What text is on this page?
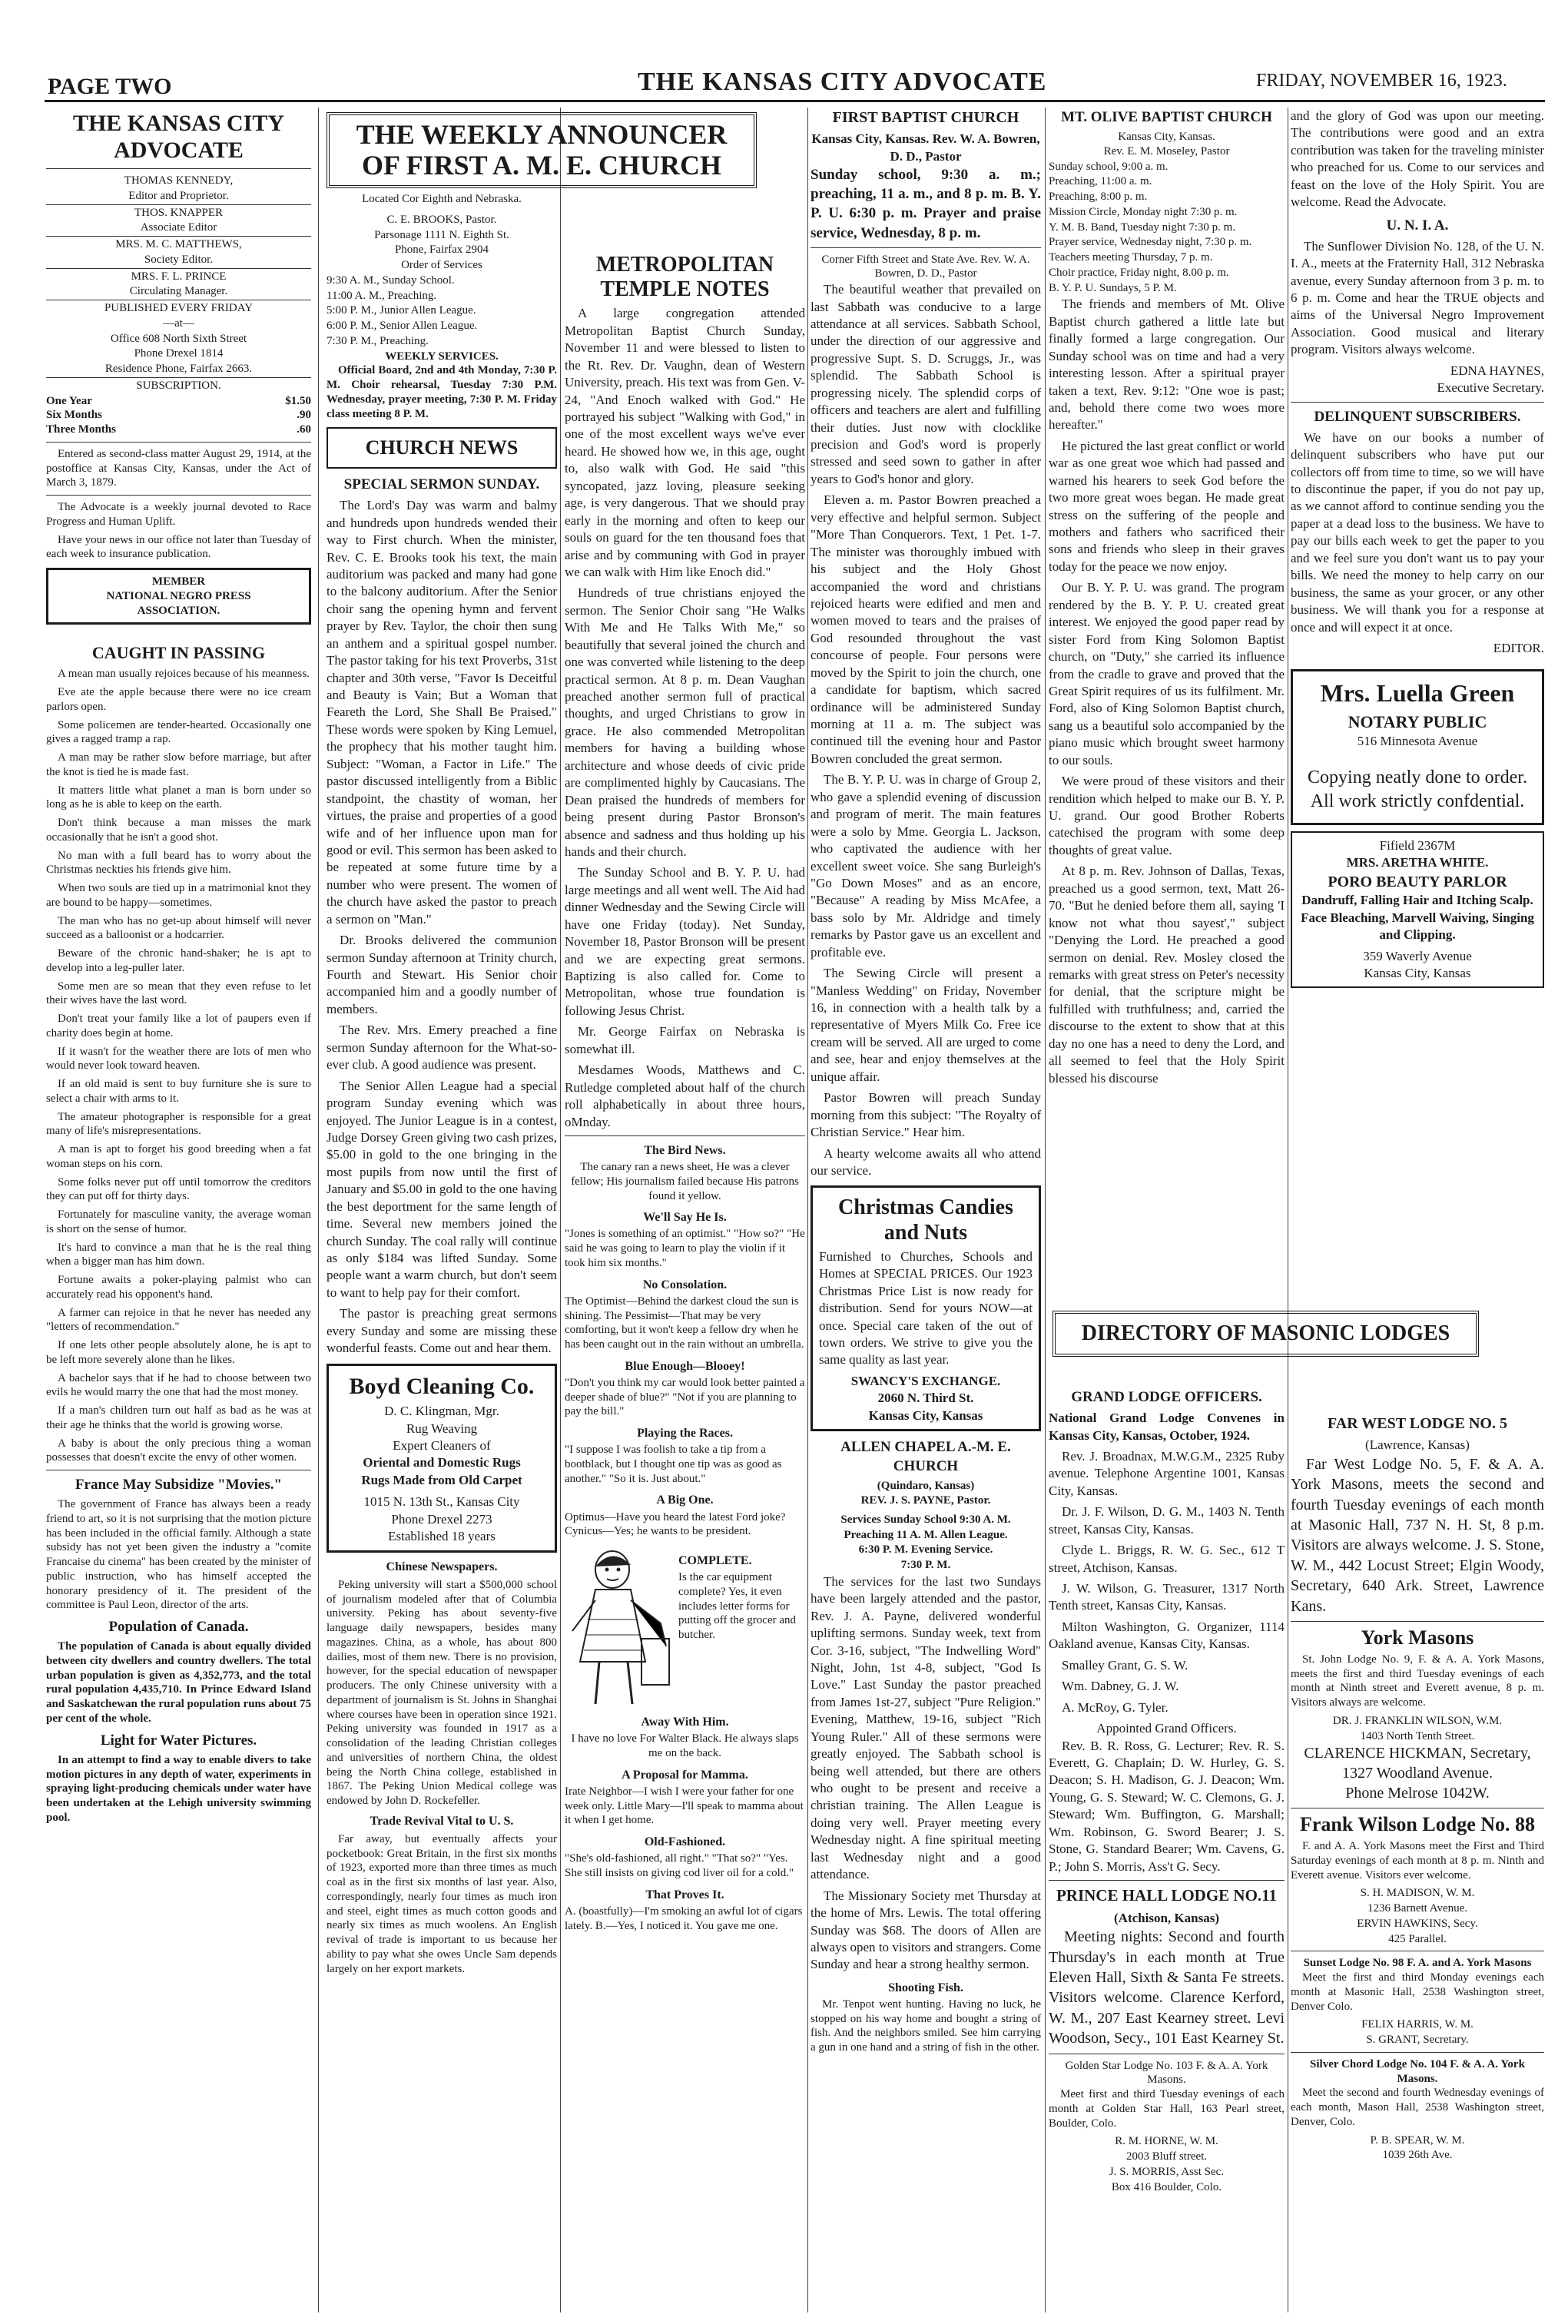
PAGE TWO	THE KANSAS CITY ADVOCATE	FRIDAY, NOVEMBER 16, 1923.
THE KANSAS CITY ADVOCATE
THOMAS KENNEDY,
Editor and Proprietor.
THOS. KNAPPER
Associate Editor
MRS. M. C. MATTHEWS,
Society Editor.
MRS. F. L. PRINCE
Circulating Manager.
PUBLISHED EVERY FRIDAY
—at—
Office 608 North Sixth Street
Phone Drexel 1814
Residence Phone, Fairfax 2663.
SUBSCRIPTION.
One Year	$1.50
Six Months	.90
Three Months	.60

Entered as second-class matter August 29, 1914, at the postoffice at Kansas City, Kansas, under the Act of March 3, 1879.

The Advocate is a weekly journal devoted to Race Progress and Human Uplift.

Have your news in our office not later than Tuesday of each week to insurance publication.

MEMBER
NATIONAL NEGRO PRESS
ASSOCIATION.
CAUGHT IN PASSING

A mean man usually rejoices because of his meanness.

Eve ate the apple because there were no ice cream parlors open.

Some policemen are tender-hearted. Occasionally one gives a ragged tramp a rap.

A man may be rather slow before marriage, but after the knot is tied he is made fast.

It matters little what planet a man is born under so long as he is able to keep on the earth.

Don't think because a man misses the mark occasionally that he isn't a good shot.

No man with a full beard has to worry about the Christmas neckties his friends give him.

When two souls are tied up in a matrimonial knot they are bound to be happy—sometimes.

The man who has no get-up about himself will never succeed as a balloonist or a hodcarrier.

Beware of the chronic hand-shaker; he is apt to develop into a leg-puller later.

Some men are so mean that they even refuse to let their wives have the last word.

Don't treat your family like a lot of paupers even if charity does begin at home.

If it wasn't for the weather there are lots of men who would never look toward heaven.

If an old maid is sent to buy furniture she is sure to select a chair with arms to it.

The amateur photographer is responsible for a great many of life's misrepresentations.

A man is apt to forget his good breeding when a fat woman steps on his corn.

Some folks never put off until tomorrow the creditors they can put off for thirty days.

Fortunately for masculine vanity, the average woman is short on the sense of humor.

It's hard to convince a man that he is the real thing when a bigger man has him down.

Fortune awaits a poker-playing palmist who can accurately read his opponent's hand.

A farmer can rejoice in that he never has needed any "letters of recommendation."

If one lets other people absolutely alone, he is apt to be left more severely alone than he likes.

A bachelor says that if he had to choose between two evils he would marry the one that had the most money.

If a man's children turn out half as bad as he was at their age he thinks that the world is growing worse.

A baby is about the only precious thing a woman possesses that doesn't excite the envy of other women.

France May Subsidize "Movies."

The government of France has always been a ready friend to art, so it is not surprising that the motion picture has been included in the official family. Although a state subsidy has not yet been given the industry a "comite Francaise du cinema" has been created by the minister of public instruction, who has himself accepted the honorary presidency of it. The president of the committee is Paul Leon, director of the arts.

Population of Canada.

The population of Canada is about equally divided between city dwellers and country dwellers. The total urban population is given as 4,352,773, and the total rural population 4,435,710. In Prince Edward Island and Saskatchewan the rural population runs about 75 per cent of the whole.

Light for Water Pictures.

In an attempt to find a way to enable divers to take motion pictures in any depth of water, experiments in spraying light-producing chemicals under water have been undertaken at the Lehigh university swimming pool.

THE WEEKLY ANNOUNCER OF FIRST A. M. E. CHURCH
Located Cor Eighth and Nebraska.
C. E. BROOKS, Pastor.
Parsonage 1111 N. Eighth St.
Phone, Fairfax 2904
Order of Services
9:30 A. M., Sunday School.
11:00 A. M., Preaching.
5:00 P. M., Junior Allen League.
6:00 P. M., Senior Allen League.
7:30 P. M., Preaching.
WEEKLY SERVICES.

Official Board, 2nd and 4th Monday, 7:30 P. M. Choir rehearsal, Tuesday 7:30 P.M. Wednesday, prayer meeting, 7:30 P. M. Friday class meeting 8 P. M.

CHURCH NEWS
SPECIAL SERMON SUNDAY.

The Lord's Day was warm and balmy and hundreds upon hundreds wended their way to First church. When the minister, Rev. C. E. Brooks took his text, the main auditorium was packed and many had gone to the balcony auditorium. After the Senior choir sang the opening hymn and fervent prayer by Rev. Taylor, the choir then sung an anthem and a spiritual gospel number. The pastor taking for his text Proverbs, 31st chapter and 30th verse, "Favor Is Deceitful and Beauty is Vain; But a Woman that Feareth the Lord, She Shall Be Praised." These words were spoken by King Lemuel, the prophecy that his mother taught him. Subject: "Woman, a Factor in Life." The pastor discussed intelligently from a Biblic standpoint, the chastity of woman, her virtues, the praise and properties of a good wife and of her influence upon man for good or evil. This sermon has been asked to be repeated at some future time by a number who were present. The women of the church have asked the pastor to preach a sermon on "Man."

Dr. Brooks delivered the communion sermon Sunday afternoon at Trinity church, Fourth and Stewart. His Senior choir accompanied him and a goodly number of members.

The Rev. Mrs. Emery preached a fine sermon Sunday afternoon for the What-so-ever club. A good audience was present.

The Senior Allen League had a special program Sunday evening which was enjoyed. The Junior League is in a contest, Judge Dorsey Green giving two cash prizes, $5.00 in gold to the one bringing in the most pupils from now until the first of January and $5.00 in gold to the one having the best deportment for the same length of time. Several new members joined the church Sunday. The coal rally will continue as only $184 was lifted Sunday. Some people want a warm church, but don't seem to want to help pay for their comfort.

The pastor is preaching great sermons every Sunday and some are missing these wonderful feasts. Come out and hear them.

Boyd Cleaning Co.
D. C. Klingman, Mgr.
Rug Weaving
Expert Cleaners of
Oriental and Domestic Rugs
Rugs Made from Old Carpet
1015 N. 13th St., Kansas City
Phone Drexel 2273
Established 18 years
Chinese Newspapers.

Peking university will start a $500,000 school of journalism modeled after that of Columbia university. Peking has about seventy-five language daily newspapers, besides many magazines. China, as a whole, has about 800 dailies, most of them new. There is no provision, however, for the special education of newspaper producers. The only Chinese university with a department of journalism is St. Johns in Shanghai where courses have been in operation since 1921. Peking university was founded in 1917 as a consolidation of the leading Christian colleges and universities of northern China, the oldest being the North China college, established in 1867. The Peking Union Medical college was endowed by John D. Rockefeller.

Trade Revival Vital to U. S.

Far away, but eventually affects your pocketbook: Great Britain, in the first six months of 1923, exported more than three times as much coal as in the first six months of last year. Also, correspondingly, nearly four times as much iron and steel, eight times as much cotton goods and nearly six times as much woolens. An English revival of trade is important to us because her ability to pay what she owes Uncle Sam depends largely on her export markets.

METROPOLITAN TEMPLE NOTES

A large congregation attended Metropolitan Baptist Church Sunday, November 11 and were blessed to listen to the Rt. Rev. Dr. Vaughn, dean of Western University, preach. His text was from Gen. V-24, "And Enoch walked with God." He portrayed his subject "Walking with God," in one of the most excellent ways we've ever heard. He showed how we, in this age, ought to, also walk with God. He said "this syncopated, jazz loving, pleasure seeking age, is very dangerous. That we should pray early in the morning and often to keep our souls on guard for the ten thousand foes that arise and by communing with God in prayer we can walk with Him like Enoch did."

Hundreds of true christians enjoyed the sermon. The Senior Choir sang "He Walks With Me and He Talks With Me," so beautifully that several joined the church and one was converted while listening to the deep practical sermon. At 8 p. m. Dean Vaughan preached another sermon full of practical thoughts, and urged Christians to grow in grace. He also commended Metropolitan members for having a building whose architecture and whose deeds of civic pride are complimented highly by Caucasians. The Dean praised the hundreds of members for being present during Pastor Bronson's absence and sadness and thus holding up his hands and their church.

The Sunday School and B. Y. P. U. had large meetings and all went well. The Aid had dinner Wednesday and the Sewing Circle will have one Friday (today). Net Sunday, November 18, Pastor Bronson will be present and we are expecting great sermons. Baptizing is also called for. Come to Metropolitan, whose true foundation is following Jesus Christ.

Mr. George Fairfax on Nebraska is somewhat ill.

Mesdames Woods, Matthews and C. Rutledge completed about half of the church roll alphabetically in about three hours, oMnday.

The Bird News.
The canary ran a news sheet, He was a clever fellow; His journalism failed because His patrons found it yellow.
We'll Say He Is.
"Jones is something of an optimist." "How so?" "He said he was going to learn to play the violin if it took him six months."
No Consolation.
The Optimist—Behind the darkest cloud the sun is shining. The Pessimist—That may be very comforting, but it won't keep a fellow dry when he has been caught out in the rain without an umbrella.
Blue Enough—Blooey!
"Don't you think my car would look better painted a deeper shade of blue?" "Not if you are planning to pay the bill."
Playing the Races.
"I suppose I was foolish to take a tip from a bootblack, but I thought one tip was as good as another." "So it is. Just about."
A Big One.
Optimus—Have you heard the latest Ford joke? Cynicus—Yes; he wants to be president.
COMPLETE.
Is the car equipment complete? Yes, it even includes letter forms for putting off the grocer and butcher.
Away With Him.
I have no love For Walter Black. He always slaps me on the back.
A Proposal for Mamma.
Irate Neighbor—I wish I were your father for one week only. Little Mary—I'll speak to mamma about it when I get home.
Old-Fashioned.
"She's old-fashioned, all right." "That so?" "Yes. She still insists on giving cod liver oil for a cold."
That Proves It.
A. (boastfully)—I'm smoking an awful lot of cigars lately. B.—Yes, I noticed it. You gave me one.
FIRST BAPTIST CHURCH
Kansas City, Kansas. Rev. W. A. Bowren, D. D., Pastor

Sunday school, 9:30 a. m.; preaching, 11 a. m., and 8 p. m. B. Y. P. U. 6:30 p. m. Prayer and praise service, Wednesday, 8 p. m.

Corner Fifth Street and State Ave. Rev. W. A. Bowren, D. D., Pastor

The beautiful weather that prevailed on last Sabbath was conducive to a large attendance at all services. Sabbath School, under the direction of our aggressive and progressive Supt. S. D. Scruggs, Jr., was splendid. The Sabbath School is progressing nicely. The splendid corps of officers and teachers are alert and fulfilling their duties. Just now with clocklike precision and God's word is properly stressed and seed sown to gather in after years to God's honor and glory.

Eleven a. m. Pastor Bowren preached a very effective and helpful sermon. Subject "More Than Conquerors. Text, 1 Pet. 1-7. The minister was thoroughly imbued with his subject and the Holy Ghost accompanied the word and christians rejoiced hearts were edified and men and women moved to tears and the praises of God resounded throughout the vast concourse of people. Four persons were moved by the Spirit to join the church, one a candidate for baptism, which sacred ordinance will be administered Sunday morning at 11 a. m. The subject was continued till the evening hour and Pastor Bowren concluded the great sermon.

The B. Y. P. U. was in charge of Group 2, who gave a splendid evening of discussion and program of merit. The main features were a solo by Mme. Georgia L. Jackson, who captivated the audience with her excellent sweet voice. She sang Burleigh's "Go Down Moses" and as an encore, "Because" A reading by Miss McAfee, a bass solo by Mr. Aldridge and timely remarks by Pastor gave us an excellent and profitable eve.

The Sewing Circle will present a "Manless Wedding" on Friday, November 16, in connection with a health talk by a representative of Myers Milk Co. Free ice cream will be served. All are urged to come and see, hear and enjoy themselves at the unique affair.

Pastor Bowren will preach Sunday morning from this subject: "The Royalty of Christian Service." Hear him.

A hearty welcome awaits all who attend our service.

Christmas Candies and Nuts

Furnished to Churches, Schools and Homes at SPECIAL PRICES. Our 1923 Christmas Price List is now ready for distribution. Send for yours NOW—at once. Special care taken of the out of town orders. We strive to give you the same quality as last year.

SWANCY'S EXCHANGE.
2060 N. Third St.
Kansas City, Kansas
ALLEN CHAPEL A.-M. E. CHURCH
(Quindaro, Kansas)
REV. J. S. PAYNE, Pastor.
Services Sunday School 9:30 A. M.
Preaching 11 A. M. Allen League.
6:30 P. M. Evening Service.
7:30 P. M.

The services for the last two Sundays have been largely attended and the pastor, Rev. J. A. Payne, delivered wonderful uplifting sermons. Sunday week, text from Cor. 3-16, subject, "The Indwelling Word" Night, John, 1st 4-8, subject, "God Is Love." Last Sunday the pastor preached from James 1st-27, subject "Pure Religion." Evening, Matthew, 19-16, subject "Rich Young Ruler." All of these sermons were greatly enjoyed. The Sabbath school is being well attended, but there are others who ought to be present and receive a christian training. The Allen League is doing very well. Prayer meeting every Wednesday night. A fine spiritual meeting last Wednesday night and a good attendance.

The Missionary Society met Thursday at the home of Mrs. Lewis. The total offering Sunday was $68. The doors of Allen are always open to visitors and strangers. Come Sunday and hear a strong healthy sermon.

Shooting Fish.

Mr. Tenpot went hunting. Having no luck, he stopped on his way home and bought a string of fish. And the neighbors smiled. See him carrying a gun in one hand and a string of fish in the other.

MT. OLIVE BAPTIST CHURCH
Kansas City, Kansas.
Rev. E. M. Moseley, Pastor
Sunday school, 9:00 a. m.
Preaching, 11:00 a. m.
Preaching, 8:00 p. m.
Mission Circle, Monday night 7:30 p. m.
Y. M. B. Band, Tuesday night 7:30 p. m.
Prayer service, Wednesday night, 7:30 p. m.
Teachers meeting Thursday, 7 p. m.
Choir practice, Friday night, 8.00 p. m.
B. Y. P. U. Sundays, 5 P. M.

The friends and members of Mt. Olive Baptist church gathered a little late but finally formed a large congregation. Our Sunday school was on time and had a very interesting lesson. After a spiritual prayer taken a text, Rev. 9:12: "One woe is past; and, behold there come two woes more hereafter."

He pictured the last great conflict or world war as one great woe which had passed and warned his hearers to seek God before the two more great woes began. He made great stress on the suffering of the people and mothers and fathers who sacrificed their sons and friends who sleep in their graves today for the peace we now enjoy.

Our B. Y. P. U. was grand. The program rendered by the B. Y. P. U. created great interest. We enjoyed the good paper read by sister Ford from King Solomon Baptist church, on "Duty," she carried its influence from the cradle to grave and proved that the Great Spirit requires of us its fulfilment. Mr. Ford, also of King Solomon Baptist church, sang us a beautiful solo accompanied by the piano music which brought sweet harmony to our souls.

We were proud of these visitors and their rendition which helped to make our B. Y. P. U. grand. Our good Brother Roberts catechised the program with some deep thoughts of great value.

At 8 p. m. Rev. Johnson of Dallas, Texas, preached us a good sermon, text, Matt 26-70. "But he denied before them all, saying 'I know not what thou sayest'," subject "Denying the Lord. He preached a good sermon on denial. Rev. Mosley closed the remarks with great stress on Peter's necessity for denial, that the scripture might be fulfilled with truthfulness; and, carried the discourse to the extent to show that at this day no one has a need to deny the Lord, and all seemed to feel that the Holy Spirit blessed his discourse

DIRECTORY OF MASONIC LODGES
GRAND LODGE OFFICERS.

National Grand Lodge Convenes in Kansas City, Kansas, October, 1924.

Rev. J. Broadnax, M.W.G.M., 2325 Ruby avenue. Telephone Argentine 1001, Kansas City, Kansas.

Dr. J. F. Wilson, D. G. M., 1403 N. Tenth street, Kansas City, Kansas.

Clyde L. Briggs, R. W. G. Sec., 612 T street, Atchison, Kansas.

J. W. Wilson, G. Treasurer, 1317 North Tenth street, Kansas City, Kansas.

Milton Washington, G. Organizer, 1114 Oakland avenue, Kansas City, Kansas.

Smalley Grant, G. S. W.

Wm. Dabney, G. J. W.

A. McRoy, G. Tyler.

Appointed Grand Officers.

Rev. B. R. Ross, G. Lecturer; Rev. R. S. Everett, G. Chaplain; D. W. Hurley, G. S. Deacon; S. H. Madison, G. J. Deacon; Wm. Young, G. S. Steward; W. C. Clemons, G. J. Steward; Wm. Buffington, G. Marshall; Wm. Robinson, G. Sword Bearer; J. S. Stone, G. Standard Bearer; Wm. Cavens, G. P.; John S. Morris, Ass't G. Secy.

PRINCE HALL LODGE NO.11
(Atchison, Kansas)

Meeting nights: Second and fourth Thursday's in each month at True Eleven Hall, Sixth & Santa Fe streets. Visitors welcome. Clarence Kerford, W. M., 207 East Kearney street. Levi Woodson, Secy., 101 East Kearney St.

Golden Star Lodge No. 103 F. & A. A. York Masons.

Meet first and third Tuesday evenings of each month at Golden Star Hall, 163 Pearl street, Boulder, Colo.

R. M. HORNE, W. M.
2003 Bluff street.
J. S. MORRIS, Asst Sec.
Box 416 Boulder, Colo.

and the glory of God was upon our meeting. The contributions were good and an extra contribution was taken for the traveling minister who preached for us. Come to our services and feast on the love of the Holy Spirit. You are welcome. Read the Advocate.

U. N. I. A.

The Sunflower Division No. 128, of the U. N. I. A., meets at the Fraternity Hall, 312 Nebraska avenue, every Sunday afternoon from 3 p. m. to 6 p. m. Come and hear the TRUE objects and aims of the Universal Negro Improvement Association. Good musical and literary program. Visitors always welcome.

EDNA HAYNES,
Executive Secretary.
DELINQUENT SUBSCRIBERS.

We have on our books a number of delinquent subscribers who have put our collectors off from time to time, so we will have to discontinue the paper, if you do not pay up, as we cannot afford to continue sending you the paper at a dead loss to the business. We have to pay our bills each week to get the paper to you and we feel sure you don't want us to pay your bills. We need the money to help carry on our business, the same as your grocer, or any other business. We will thank you for a response at once and will expect it at once.

EDITOR.
Mrs. Luella Green
NOTARY PUBLIC
516 Minnesota Avenue

Copying neatly done to order. All work strictly confdential.

Fifield 2367M
MRS. ARETHA WHITE.
PORO BEAUTY PARLOR

Dandruff, Falling Hair and Itching Scalp. Face Bleaching, Marvell Waiving, Singing and Clipping.

359 Waverly Avenue
Kansas City, Kansas
FAR WEST LODGE NO. 5
(Lawrence, Kansas)

Far West Lodge No. 5, F. & A. A. York Masons, meets the second and fourth Tuesday evenings of each month at Masonic Hall, 737 N. H. St, 8 p.m. Visitors are always welcome. J. S. Stone, W. M., 442 Locust Street; Elgin Woody, Secretary, 640 Ark. Street, Lawrence Kans.

York Masons

St. John Lodge No. 9, F. & A. A. York Masons, meets the first and third Tuesday evenings of each month at Ninth street and Everett avenue, 8 p. m. Visitors always are welcome.

DR. J. FRANKLIN WILSON, W.M.
1403 North Tenth Street.
CLARENCE HICKMAN, Secretary,
1327 Woodland Avenue.
Phone Melrose 1042W.
Frank Wilson Lodge No. 88

F. and A. A. York Masons meet the First and Third Saturday evenings of each month at 8 p. m. Ninth and Everett avenue. Visitors ever welcome.

S. H. MADISON, W. M.
1236 Barnett Avenue.
ERVIN HAWKINS, Secy.
425 Parallel.
Sunset Lodge No. 98 F. A. and A. York Masons

Meet the first and third Monday evenings each month at Masonic Hall, 2538 Washington street, Denver Colo.

FELIX HARRIS, W. M.
S. GRANT, Secretary.
Silver Chord Lodge No. 104 F. & A. A. York Masons.

Meet the second and fourth Wednesday evenings of each month, Mason Hall, 2538 Washington street, Denver, Colo.

P. B. SPEAR, W. M.
1039 26th Ave.
